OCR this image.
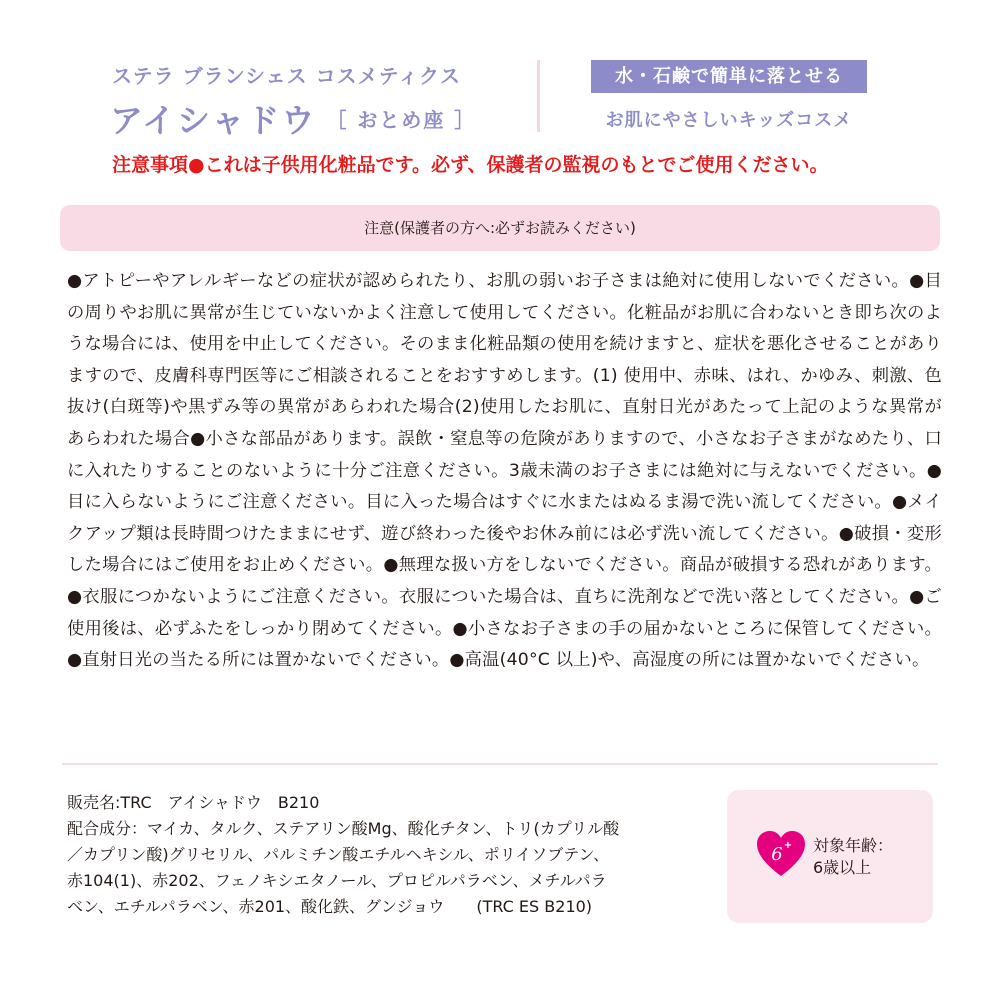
ステラ ブランシェス コスメティクス
アイシャドウ ［ おとめ座 ］
水・石鹸で簡単に落とせる
お肌にやさしいキッズコスメ
注意事項●これは子供用化粧品です。必ず、保護者の監視のもとでご使用ください。
注意(保護者の方へ:必ずお読みください)
●アトピーやアレルギーなどの症状が認められたり、お肌の弱いお子さまは絶対に使用しないでください。●目の周りやお肌に異常が生じていないかよく注意して使用してください。化粧品がお肌に合わないとき即ち次のような場合には、使用を中止してください。そのまま化粧品類の使用を続けますと、症状を悪化させることがありますので、皮膚科専門医等にご相談されることをおすすめします。(1) 使用中、赤味、はれ、かゆみ、刺激、色抜け(白斑等)や黒ずみ等の異常があらわれた場合(2)使用したお肌に、直射日光があたって上記のような異常があらわれた場合●小さな部品があります。誤飲・窒息等の危険がありますので、小さなお子さまがなめたり、口に入れたりすることのないように十分ご注意ください。3歳未満のお子さまには絶対に与えないでください。●目に入らないようにご注意ください。目に入った場合はすぐに水またはぬるま湯で洗い流してください。●メイクアップ類は長時間つけたままにせず、遊び終わった後やお休み前には必ず洗い流してください。●破損・変形した場合にはご使用をお止めください。●無理な扱い方をしないでください。商品が破損する恐れがあります。●衣服につかないようにご注意ください。衣服についた場合は、直ちに洗剤などで洗い落としてください。●ご使用後は、必ずふたをしっかり閉めてください。●小さなお子さまの手の届かないところに保管してください。●直射日光の当たる所には置かないでください。●高温(40°C 以上)や、高湿度の所には置かないでください。
販売名:TRC　アイシャドウ　B210
配合成分：マイカ、タルク、ステアリン酸Mg、酸化チタン、トリ(カプリル酸
／カプリン酸)グリセリル、パルミチン酸エチルヘキシル、ポリイソブテン、
赤104(1)、赤202、フェノキシエタノール、プロピルパラベン、メチルパラ
ベン、エチルパラベン、赤201、酸化鉄、グンジョウ　　(TRC ES B210)
6 + 対象年齢：
6歳以上
